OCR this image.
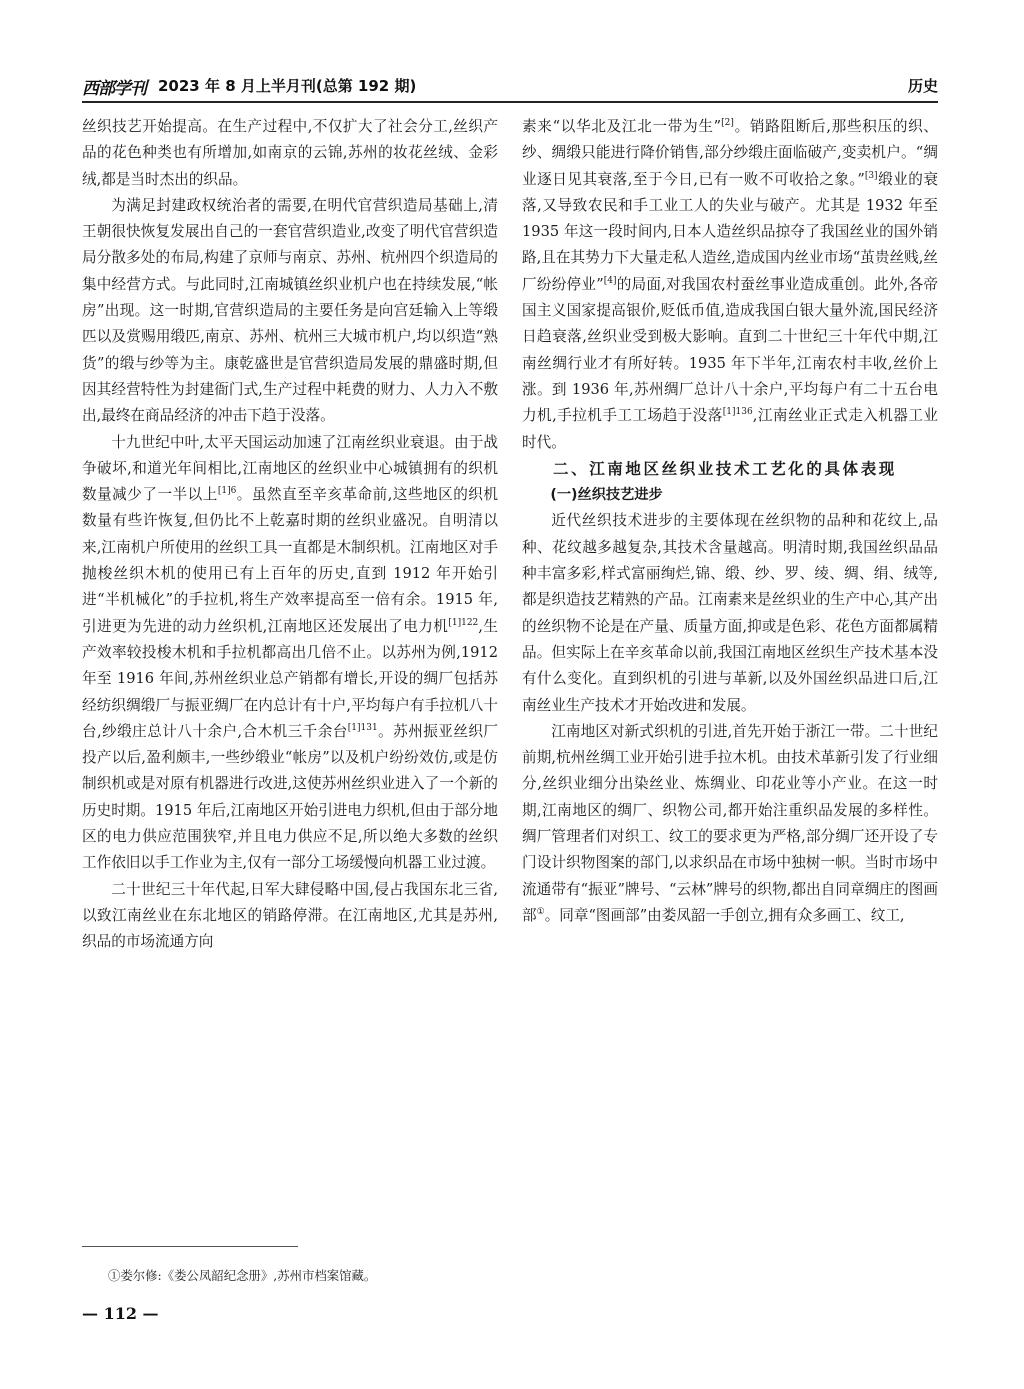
西部学刊 2023 年 8 月上半月刊(总第 192 期)	历史

丝织技艺开始提高。在生产过程中,不仅扩大了社会分工,丝织产品的花色种类也有所增加,如南京的云锦,苏州的妆花丝绒、金彩绒,都是当时杰出的织品。

为满足封建政权统治者的需要,在明代官营织造局基础上,清王朝很快恢复发展出自己的一套官营织造业,改变了明代官营织造局分散多处的布局,构建了京师与南京、苏州、杭州四个织造局的集中经营方式。与此同时,江南城镇丝织业机户也在持续发展,“帐房”出现。这一时期,官营织造局的主要任务是向宫廷输入上等缎匹以及赏赐用缎匹,南京、苏州、杭州三大城市机户,均以织造“熟货”的缎与纱等为主。康乾盛世是官营织造局发展的鼎盛时期,但因其经营特性为封建衙门式,生产过程中耗费的财力、人力入不敷出,最终在商品经济的冲击下趋于没落。

十九世纪中叶,太平天国运动加速了江南丝织业衰退。由于战争破坏,和道光年间相比,江南地区的丝织业中心城镇拥有的织机数量减少了一半以上$^{[1]6}$。虽然直至辛亥革命前,这些地区的织机数量有些许恢复,但仍比不上乾嘉时期的丝织业盛况。自明清以来,江南机户所使用的丝织工具一直都是木制织机。江南地区对手抛梭丝织木机的使用已有上百年的历史,直到 1912 年开始引进“半机械化”的手拉机,将生产效率提高至一倍有余。1915 年,引进更为先进的动力丝织机,江南地区还发展出了电力机$^{[1]122}$,生产效率较投梭木机和手拉机都高出几倍不止。以苏州为例,1912 年至 1916 年间,苏州丝织业总产销都有增长,开设的绸厂包括苏经纺织绸缎厂与振亚绸厂在内总计有十户,平均每户有手拉机八十台,纱缎庄总计八十余户,合木机三千余台$^{[1]131}$。苏州振亚丝织厂投产以后,盈利颇丰,一些纱缎业“帐房”以及机户纷纷效仿,或是仿制织机或是对原有机器进行改进,这使苏州丝织业进入了一个新的历史时期。1915 年后,江南地区开始引进电力织机,但由于部分地区的电力供应范围狭窄,并且电力供应不足,所以绝大多数的丝织工作依旧以手工作业为主,仅有一部分工场缓慢向机器工业过渡。

二十世纪三十年代起,日军大肆侵略中国,侵占我国东北三省,以致江南丝业在东北地区的销路停滞。在江南地区,尤其是苏州,织品的市场流通方向

素来“以华北及江北一带为生”[2]。销路阻断后,那些积压的织、纱、绸缎只能进行降价销售,部分纱缎庄面临破产,变卖机户。“绸业逐日见其衰落,至于今日,已有一败不可收拾之象。”[3]缎业的衰落,又导致农民和手工业工人的失业与破产。尤其是 1932 年至 1935 年这一段时间内,日本人造丝织品掠夺了我国丝业的国外销路,且在其势力下大量走私人造丝,造成国内丝业市场“茧贵丝贱,丝厂纷纷停业”[4]的局面,对我国农村蚕丝事业造成重创。此外,各帝国主义国家提高银价,贬低币值,造成我国白银大量外流,国民经济日趋衰落,丝织业受到极大影响。直到二十世纪三十年代中期,江南丝绸行业才有所好转。1935 年下半年,江南农村丰收,丝价上涨。到 1936 年,苏州绸厂总计八十余户,平均每户有二十五台电力机,手拉机手工工场趋于没落$^{[1]136}$,江南丝业正式走入机器工业时代。

二、江南地区丝织业技术工艺化的具体表现
(一)丝织技艺进步

近代丝织技术进步的主要体现在丝织物的品种和花纹上,品种、花纹越多越复杂,其技术含量越高。明清时期,我国丝织品品种丰富多彩,样式富丽绚烂,锦、缎、纱、罗、绫、绸、绢、绒等,都是织造技艺精熟的产品。江南素来是丝织业的生产中心,其产出的丝织物不论是在产量、质量方面,抑或是色彩、花色方面都属精品。但实际上在辛亥革命以前,我国江南地区丝织生产技术基本没有什么变化。直到织机的引进与革新,以及外国丝织品进口后,江南丝业生产技术才开始改进和发展。

江南地区对新式织机的引进,首先开始于浙江一带。二十世纪前期,杭州丝绸工业开始引进手拉木机。由技术革新引发了行业细分,丝织业细分出染丝业、炼绸业、印花业等小产业。在这一时期,江南地区的绸厂、织物公司,都开始注重织品发展的多样性。绸厂管理者们对织工、纹工的要求更为严格,部分绸厂还开设了专门设计织物图案的部门,以求织品在市场中独树一帜。当时市场中流通带有“振亚”牌号、“云林”牌号的织物,都出自同章绸庄的图画部①。同章“图画部”由娄凤韶一手创立,拥有众多画工、纹工,

①娄尔修:《娄公凤韶纪念册》,苏州市档案馆藏。
— 112 —
